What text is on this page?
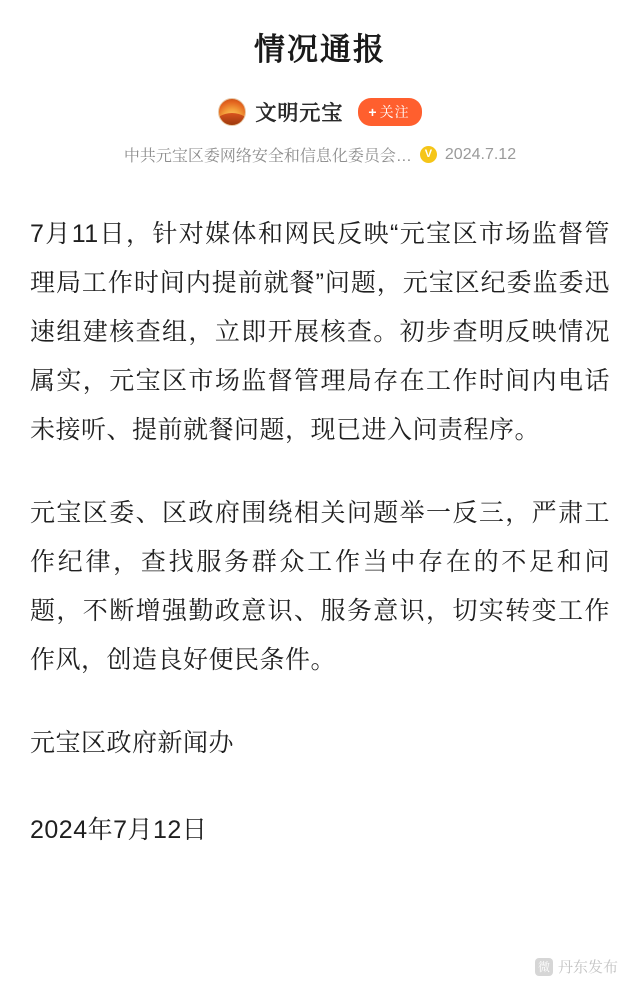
情况通报
文明元宝 + 关注
中共元宝区委网络安全和信息化委员会…	V 2024.7.12

7月11日，针对媒体和网民反映“元宝区市场监督管理局工作时间内提前就餐”问题，元宝区纪委监委迅速组建核查组，立即开展核查。初步查明反映情况属实，元宝区市场监督管理局存在工作时间内电话未接听、提前就餐问题，现已进入问责程序。

元宝区委、区政府围绕相关问题举一反三，严肃工作纪律，查找服务群众工作当中存在的不足和问题，不断增强勤政意识、服务意识，切实转变工作作风，创造良好便民条件。

元宝区政府新闻办

2024年7月12日

微 丹东发布
